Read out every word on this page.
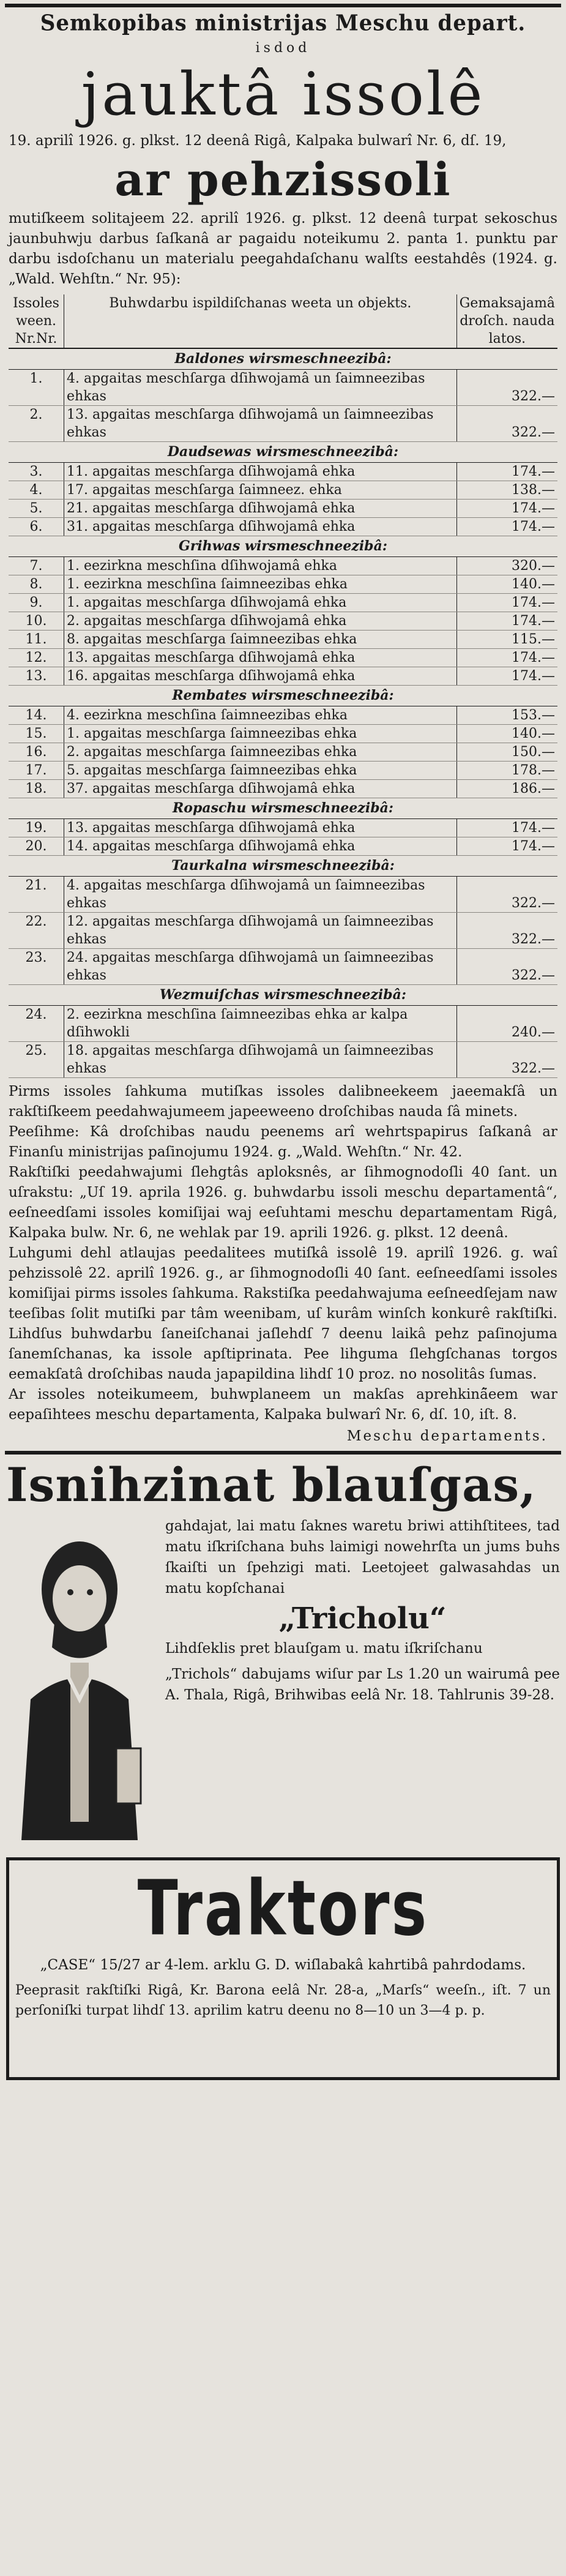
Semkopibas ministrijas Meschu depart.
isdod
jauktâ issolê
19. aprilî 1926. g. plkst. 12 deenâ Rigâ, Kalpaka bulwarî Nr. 6, dſ. 19,
ar pehzissoli
mutiſkeem solitajeem 22. aprilî 1926. g. plkst. 12 deenâ turpat sekoschus jaunbuhwju darbus ſaſkanâ ar pagaidu noteikumu 2. panta 1. punktu par darbu isdoſchanu un materialu peegahdaſchanu walſts eestahdês (1924. g. „Wald. Wehſtn.“ Nr. 95):
Issoles ween. Nr.Nr.	Buhwdarbu ispildiſchanas weeta un objekts.	Gemaksajamâ droſch. nauda latos.
Baldones wirsmeschneezibâ:		
1.	4. apgaitas meschſarga dſihwojamâ un ſaimneezibas ehkas	322.—
2.	13. apgaitas meschſarga dſihwojamâ un ſaimneezibas ehkas	322.—
Daudsewas wirsmeschneezibâ:		
3.	11. apgaitas meschſarga dſihwojamâ ehka	174.—
4.	17. apgaitas meschſarga ſaimneez. ehka	138.—
5.	21. apgaitas meschſarga dſihwojamâ ehka	174.—
6.	31. apgaitas meschſarga dſihwojamâ ehka	174.—
Grihwas wirsmeschneezibâ:		
7.	1. eezirkna meschſina dſihwojamâ ehka	320.—
8.	1. eezirkna meschſina ſaimneezibas ehka	140.—
9.	1. apgaitas meschſarga dſihwojamâ ehka	174.—
10.	2. apgaitas meschſarga dſihwojamâ ehka	174.—
11.	8. apgaitas meschſarga ſaimneezibas ehka	115.—
12.	13. apgaitas meschſarga dſihwojamâ ehka	174.—
13.	16. apgaitas meschſarga dſihwojamâ ehka	174.—
Rembates wirsmeschneezibâ:		
14.	4. eezirkna meschſina ſaimneezibas ehka	153.—
15.	1. apgaitas meschſarga ſaimneezibas ehka	140.—
16.	2. apgaitas meschſarga ſaimneezibas ehka	150.—
17.	5. apgaitas meschſarga ſaimneezibas ehka	178.—
18.	37. apgaitas meschſarga dſihwojamâ ehka	186.—
Ropaschu wirsmeschneezibâ:		
19.	13. apgaitas meschſarga dſihwojamâ ehka	174.—
20.	14. apgaitas meschſarga dſihwojamâ ehka	174.—
Taurkalna wirsmeschneezibâ:		
21.	4. apgaitas meschſarga dſihwojamâ un ſaimneezibas ehkas	322.—
22.	12. apgaitas meschſarga dſihwojamâ un ſaimneezibas ehkas	322.—
23.	24. apgaitas meschſarga dſihwojamâ un ſaimneezibas ehkas	322.—
Wezmuiſchas wirsmeschneezibâ:		
24.	2. eezirkna meschſina ſaimneezibas ehka ar kalpa dſihwokli	240.—
25.	18. apgaitas meschſarga dſihwojamâ un ſaimneezibas ehkas	322.—
Pirms issoles ſahkuma mutiſkas issoles dalibneekeem jaeemakſâ un rakſtiſkeem peedahwajumeem japeeweeno droſchibas nauda ſâ minets.
Peeſihme: Kâ droſchibas naudu peenems arî wehrtspapirus ſaſkanâ ar Finanſu ministrijas paſinojumu 1924. g. „Wald. Wehſtn.“ Nr. 42.
Rakſtiſki peedahwajumi ſlehgtâs aploksnês, ar ſihmognodoſli 40 ſant. un uſrakstu: „Uſ 19. aprila 1926. g. buhwdarbu issoli meschu departamentâ“, eeſneedſami issoles komiſijai waj eeſuhtami meschu departamentam Rigâ, Kalpaka bulw. Nr. 6, ne wehlak par 19. aprili 1926. g. plkst. 12 deenâ.
Luhgumi dehl atlaujas peedalitees mutiſkâ issolê 19. aprilî 1926. g. waî pehzissolê 22. aprilî 1926. g., ar ſihmognodoſli 40 ſant. eeſneedſami issoles komiſijai pirms issoles ſahkuma. Rakstiſka peedahwajuma eeſneedſejam naw teeſibas ſolit mutiſki par tâm weenibam, uſ kurâm winſch konkurê rakſtiſki. Lihdſus buhwdarbu ſaneiſchanai jaſlehdſ 7 deenu laikâ pehz paſinojuma ſanemſchanas, ka issole apſtiprinata. Pee lihguma ſlehgſchanas torgos eemakſatâ droſchibas nauda japapildina lihdſ 10 proz. no nosolitâs ſumas.
Ar issoles noteikumeem, buhwplaneem un makſas aprehkinâ̈eem war eepaſihtees meschu departamenta, Kalpaka bulwarî Nr. 6, dſ. 10, iſt. 8.
Meschu departaments.
Isnihzinat blauſgas,
gahdajat, lai matu ſaknes waretu briwi attihſtitees, tad matu iſkriſchana buhs laimigi nowehrſta un jums buhs ſkaiſti un ſpehzigi mati. Leetojeet galwasahdas un matu kopſchanai
„Tricholu“
Lihdſeklis pret blauſgam u. matu iſkriſchanu
„Trichols“ dabujams wiſur par Ls 1.20 un wairumâ pee A. Thala, Rigâ, Brihwibas eelâ Nr. 18. Tahlrunis 39-28.
Traktors
„CASE“ 15/27 ar 4-lem. arklu G. D. wiſlabakâ kahrtibâ pahrdodams.
Peeprasit rakſtiſki Rigâ, Kr. Barona eelâ Nr. 28-a, „Marſs“ weeſn., iſt. 7 un perſoniſki turpat lihdſ 13. aprilim katru deenu no 8—10 un 3—4 p. p.
